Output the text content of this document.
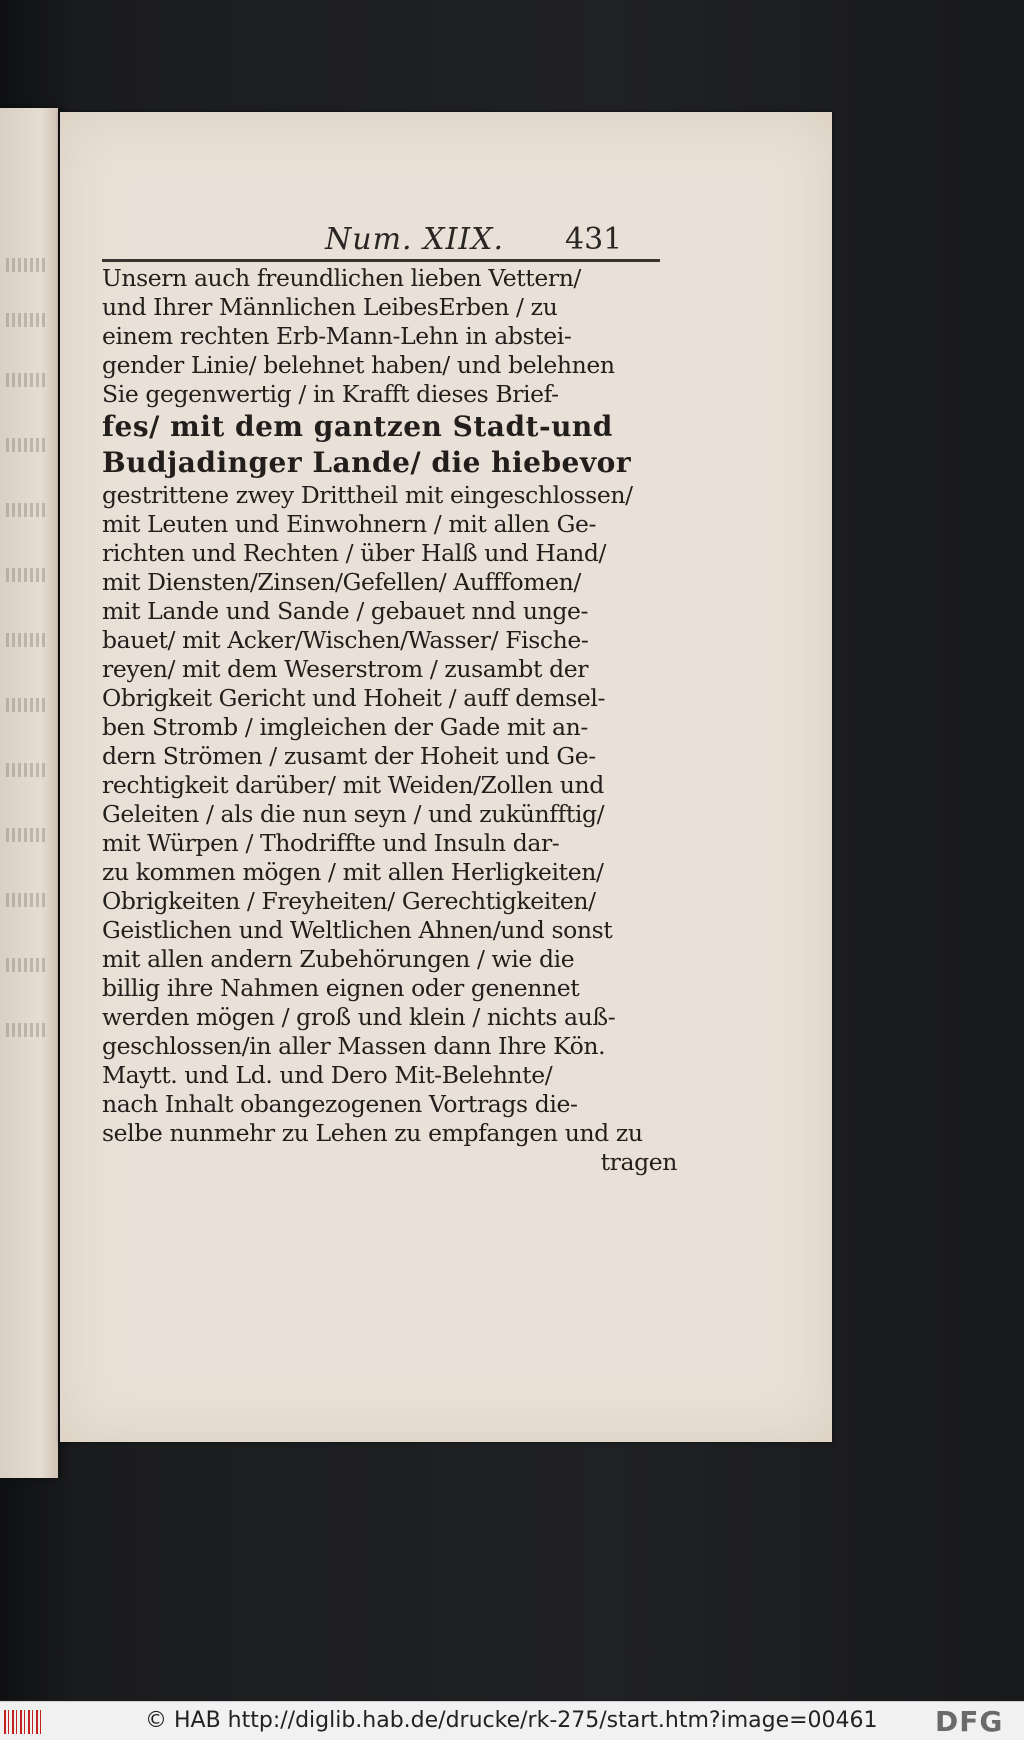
Num. XIIX. 431
Unsern auch freundlichen lieben Vettern/
und Ihrer Männlichen LeibesErben / zu
einem rechten Erb-Mann-Lehn in abstei-
gender Linie/ belehnet haben/ und belehnen
Sie gegenwertig / in Krafft dieses Brief-
fes/ mit dem gantzen Stadt-und
Budjadinger Lande/ die hiebevor
gestrittene zwey Drittheil mit eingeschlossen/
mit Leuten und Einwohnern / mit allen Ge-
richten und Rechten / über Halß und Hand/
mit Diensten/Zinsen/Gefellen/ Aufffomen/
mit Lande und Sande / gebauet nnd unge-
bauet/ mit Acker/Wischen/Wasser/ Fische-
reyen/ mit dem Weserstrom / zusambt der
Obrigkeit Gericht und Hoheit / auff demsel-
ben Stromb / imgleichen der Gade mit an-
dern Strömen / zusamt der Hoheit und Ge-
rechtigkeit darüber/ mit Weiden/Zollen und
Geleiten / als die nun seyn / und zukünfftig/
mit Würpen / Thodriffte und Insuln dar-
zu kommen mögen / mit allen Herligkeiten/
Obrigkeiten / Freyheiten/ Gerechtigkeiten/
Geistlichen und Weltlichen Ahnen/und sonst
mit allen andern Zubehörungen / wie die
billig ihre Nahmen eignen oder genennet
werden mögen / groß und klein / nichts auß-
geschlossen/in aller Massen dann Ihre Kön.
Maytt. und Ld. und Dero Mit-Belehnte/
nach Inhalt obangezogenen Vortrags die-
selbe nunmehr zu Lehen zu empfangen und zu
tragen
© HAB http://diglib.hab.de/drucke/rk-275/start.htm?image=00461 DFG
